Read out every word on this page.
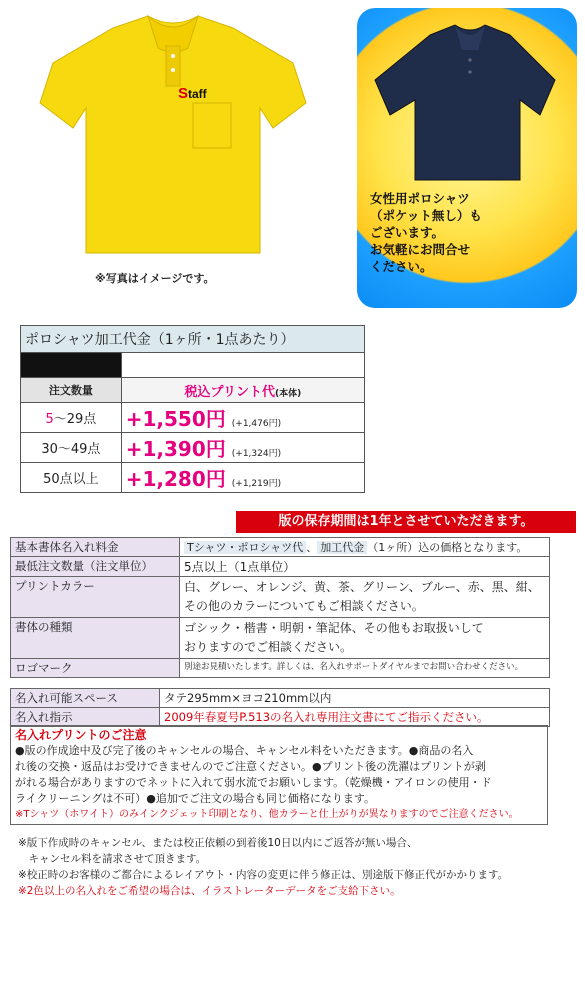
S taff
※写真はイメージです。
女性用ポロシャツ
（ポケット無し）も
ございます。
お気軽にお問合せ
ください。
ポロシャツ加工代金（1ヶ所・1点あたり）	

注文数量	税込プリント代(本体)
5〜29点	+1,550円 (+1,476円)
30〜49点	+1,390円 (+1,324円)
50点以上	+1,280円 (+1,219円)
版の保存期間は1年とさせていただきます。
基本書体名入れ料金	Tシャツ・ポロシャツ代 、 加工代金 （1ヶ所）込の価格となります。
最低注文数量（注文単位）	5点以上（1点単位）
プリントカラー	白、グレー、オレンジ、黄、茶、グリーン、ブルー、赤、黒、紺、
その他のカラーについてもご相談ください。

書体の種類	ゴシック・楷書・明朝・筆記体、その他もお取扱いして
おりますのでご相談ください。

ロゴマーク	別途お見積いたします。詳しくは、名入れサポートダイヤルまでお問い合わせください。
名入れ可能スペース	タテ295mm×ヨコ210mm以内
名入れ指示	2009年春夏号P.513の名入れ専用注文書にてご指示ください。
名入れプリントのご注意
●版の作成途中及び完了後のキャンセルの場合、キャンセル料をいただきます。●商品の名入
れ後の交換・返品はお受けできませんのでご注意ください。●プリント後の洗濯はプリントが剥
がれる場合がありますのでネットに入れて弱水流でお願いします。（乾燥機・アイロンの使用・ド
ライクリーニングは不可）●追加でご注文の場合も同じ価格になります。
※Tシャツ（ホワイト）のみインクジェット印刷となり、他カラーと仕上がりが異なりますのでご注意ください。
※版下作成時のキャンセル、または校正依頼の到着後10日以内にご返答が無い場合、
　キャンセル料を請求させて頂きます。
※校正時のお客様のご都合によるレイアウト・内容の変更に伴う修正は、別途版下修正代がかかります。
※2色以上の名入れをご希望の場合は、イラストレーターデータをご支給下さい。
